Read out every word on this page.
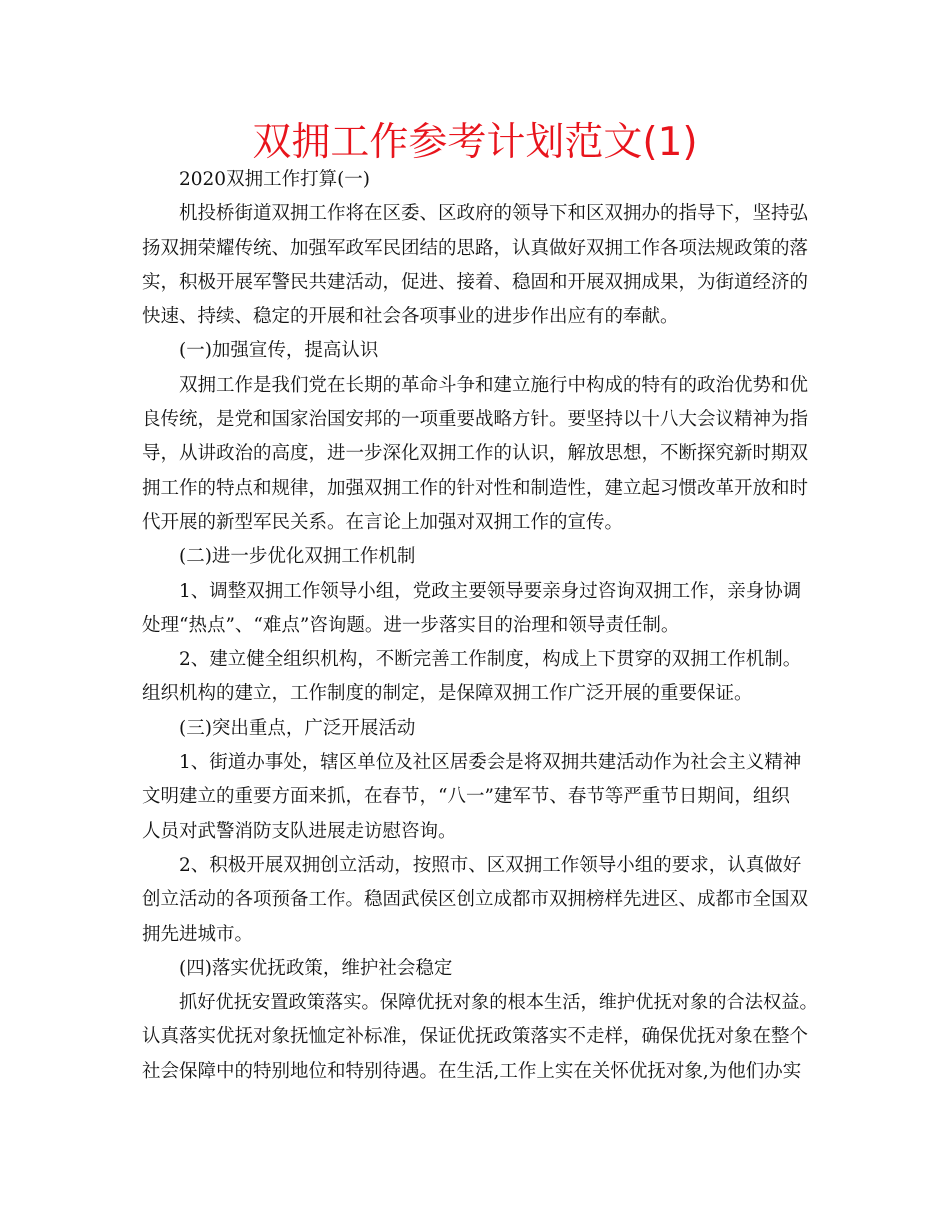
双拥工作参考计划范文(1)
2020双拥工作打算(一)
机投桥街道双拥工作将在区委、区政府的领导下和区双拥办的指导下，坚持弘
扬双拥荣耀传统、加强军政军民团结的思路，认真做好双拥工作各项法规政策的落
实，积极开展军警民共建活动，促进、接着、稳固和开展双拥成果，为街道经济的
快速、持续、稳定的开展和社会各项事业的进步作出应有的奉献。
(一)加强宣传，提高认识
双拥工作是我们党在长期的革命斗争和建立施行中构成的特有的政治优势和优
良传统，是党和国家治国安邦的一项重要战略方针。要坚持以十八大会议精神为指
导，从讲政治的高度，进一步深化双拥工作的认识，解放思想，不断探究新时期双
拥工作的特点和规律，加强双拥工作的针对性和制造性，建立起习惯改革开放和时
代开展的新型军民关系。在言论上加强对双拥工作的宣传。
(二)进一步优化双拥工作机制
1、调整双拥工作领导小组，党政主要领导要亲身过咨询双拥工作，亲身协调
处理“热点”、“难点”咨询题。进一步落实目的治理和领导责任制。
2、建立健全组织机构，不断完善工作制度，构成上下贯穿的双拥工作机制。
组织机构的建立，工作制度的制定，是保障双拥工作广泛开展的重要保证。
(三)突出重点，广泛开展活动
1、街道办事处，辖区单位及社区居委会是将双拥共建活动作为社会主义精神
文明建立的重要方面来抓，在春节，“八一”建军节、春节等严重节日期间，组织
人员对武警消防支队进展走访慰咨询。
2、积极开展双拥创立活动，按照市、区双拥工作领导小组的要求，认真做好
创立活动的各项预备工作。稳固武侯区创立成都市双拥榜样先进区、成都市全国双
拥先进城市。
(四)落实优抚政策，维护社会稳定
抓好优抚安置政策落实。保障优抚对象的根本生活，维护优抚对象的合法权益。
认真落实优抚对象抚恤定补标准，保证优抚政策落实不走样，确保优抚对象在整个
社会保障中的特别地位和特别待遇。在生活,工作上实在关怀优抚对象,为他们办实
